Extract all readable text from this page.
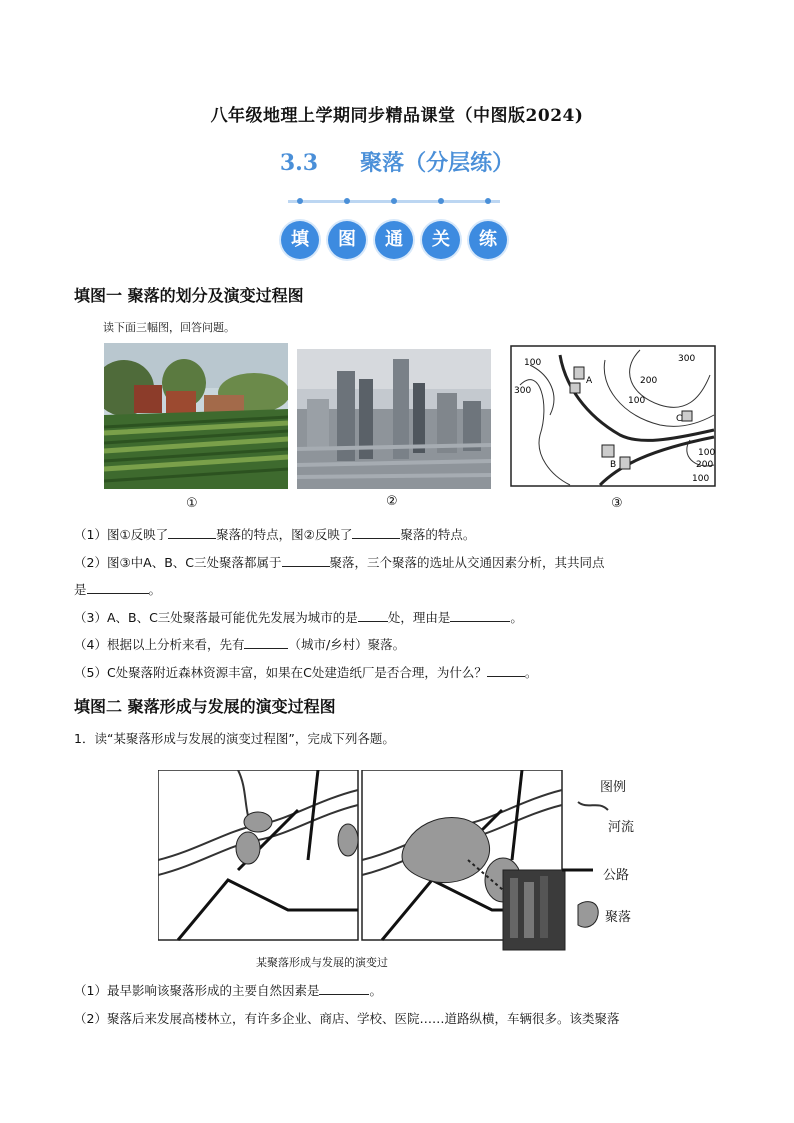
八年级地理上学期同步精品课堂（中图版2024)
3.3 聚落（分层练）
填	图	通	关	练
填图一 聚落的划分及演变过程图
读下面三幅图，回答问题。
100
300
300
200
100
100
200
100
A
B
C
①	②	③
（1）图①反映了	聚落的特点，图②反映了	聚落的特点。
（2）图③中A、B、C三处聚落都属于	聚落，三个聚落的选址从交通因素分析，其共同点
是	。
（3）A、B、C三处聚落最可能优先发展为城市的是 处，理由是	。
（4）根据以上分析来看，先有	（城市/乡村）聚落。
（5）C处聚落附近森林资源丰富，如果在C处建造纸厂是否合理，为什么？	。
填图二 聚落形成与发展的演变过程图
1．读“某聚落形成与发展的演变过程图”，完成下列各题。
图例
河流
公路
聚落
某聚落形成与发展的演变过
（1）最早影响该聚落形成的主要自然因素是	。
（2）聚落后来发展高楼林立，有许多企业、商店、学校、医院……道路纵横，车辆很多。该类聚落
